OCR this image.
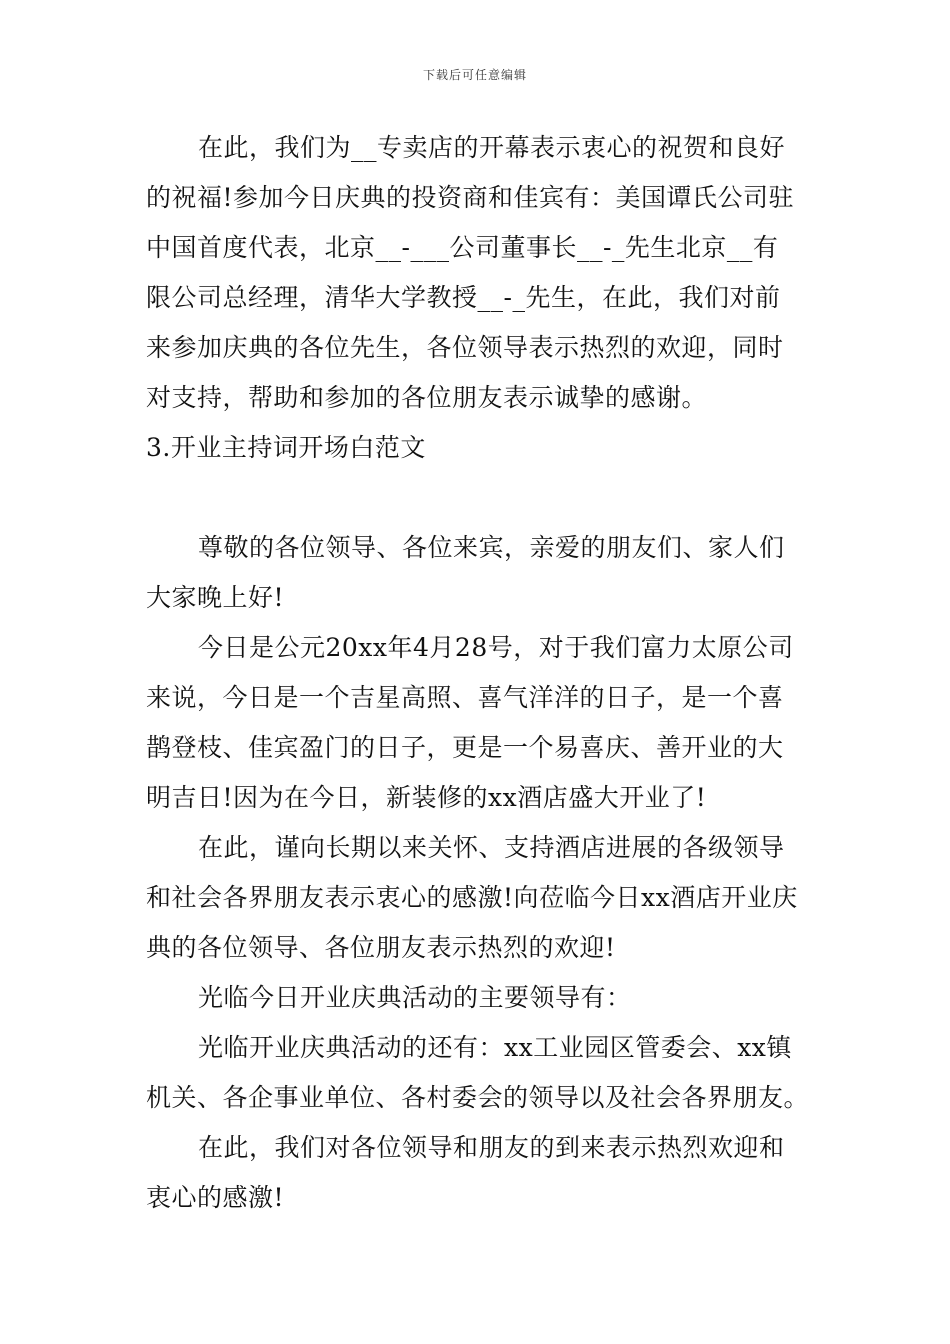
下载后可任意编辑
在此，我们为__专卖店的开幕表示衷心的祝贺和良好
的祝福!参加今日庆典的投资商和佳宾有：美国谭氏公司驻
中国首度代表，北京__-___公司董事长__-_先生北京__有
限公司总经理，清华大学教授__-_先生，在此，我们对前
来参加庆典的各位先生，各位领导表示热烈的欢迎，同时
对支持，帮助和参加的各位朋友表示诚挚的感谢。
3.开业主持词开场白范文
尊敬的各位领导、各位来宾，亲爱的朋友们、家人们
大家晚上好!
今日是公元20xx年4月28号，对于我们富力太原公司
来说，今日是一个吉星高照、喜气洋洋的日子，是一个喜
鹊登枝、佳宾盈门的日子，更是一个易喜庆、善开业的大
明吉日!因为在今日，新装修的xx酒店盛大开业了!
在此，谨向长期以来关怀、支持酒店进展的各级领导
和社会各界朋友表示衷心的感激!向莅临今日xx酒店开业庆
典的各位领导、各位朋友表示热烈的欢迎!
光临今日开业庆典活动的主要领导有：
光临开业庆典活动的还有：xx工业园区管委会、xx镇
机关、各企事业单位、各村委会的领导以及社会各界朋友。
在此，我们对各位领导和朋友的到来表示热烈欢迎和
衷心的感激!
